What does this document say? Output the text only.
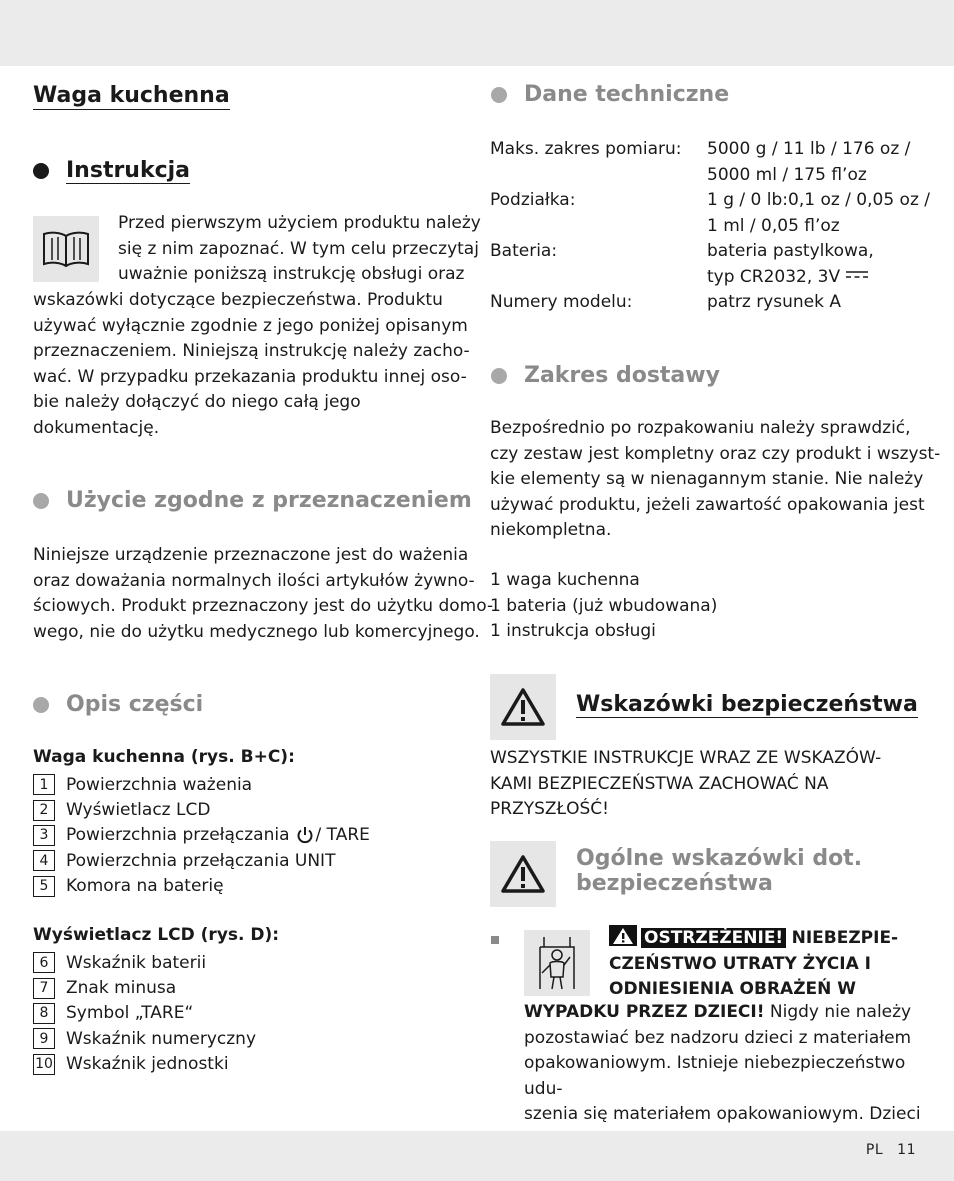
Waga kuchenna
Instrukcja

Przed pierwszym użyciem produktu należy
się z nim zapoznać. W tym celu przeczytaj
uważnie poniższą instrukcję obsługi oraz

wskazówki dotyczące bezpieczeństwa. Produktu
używać wyłącznie zgodnie z jego poniżej opisanym
przeznaczeniem. Niniejszą instrukcję należy zacho-
wać. W przypadku przekazania produktu innej oso-
bie należy dołączyć do niego całą jego
dokumentację.

Użycie zgodne z przeznaczeniem

Niniejsze urządzenie przeznaczone jest do ważenia
oraz doważania normalnych ilości artykułów żywno-
ściowych. Produkt przeznaczony jest do użytku domo-
wego, nie do użytku medycznego lub komercyjnego.

Opis części
Waga kuchenna (rys. B+C):
1	Powierzchnia ważenia
2	Wyświetlacz LCD
3	Powierzchnia przełączania / TARE
4	Powierzchnia przełączania UNIT
5	Komora na baterię
Wyświetlacz LCD (rys. D):
6	Wskaźnik baterii
7	Znak minusa
8	Symbol „TARE“
9	Wskaźnik numeryczny
10 Wskaźnik jednostki
Dane techniczne
Maks. zakres pomiaru:	5000 g / 11 lb / 176 oz /
5000 ml / 175 fl’oz
Podziałka:	1 g / 0 lb:0,1 oz / 0,05 oz /
1 ml / 0,05 fl’oz
Bateria:	bateria pastylkowa,
typ CR2032, 3V
Numery modelu:	patrz rysunek A
Zakres dostawy

Bezpośrednio po rozpakowaniu należy sprawdzić,
czy zestaw jest kompletny oraz czy produkt i wszyst-
kie elementy są w nienagannym stanie. Nie należy
używać produktu, jeżeli zawartość opakowania jest
niekompletna.

1 waga kuchenna
1 bateria (już wbudowana)
1 instrukcja obsługi

Wskazówki bezpieczeństwa

WSZYSTKIE INSTRUKCJE WRAZ ZE WSKAZÓW-
KAMI BEZPIECZEŃSTWA ZACHOWAĆ NA
PRZYSZŁOŚĆ!

Ogólne wskazówki dot.
bezpieczeństwa
OSTRZEŻENIE! NIEBEZPIE-
CZEŃSTWO UTRATY ŻYCIA I
ODNIESIENIA OBRAŻEŃ W
WYPADKU PRZEZ DZIECI! Nigdy nie należy
pozostawiać bez nadzoru dzieci z materiałem
opakowaniowym. Istnieje niebezpieczeństwo udu-
szenia się materiałem opakowaniowym. Dzieci
PL 11
